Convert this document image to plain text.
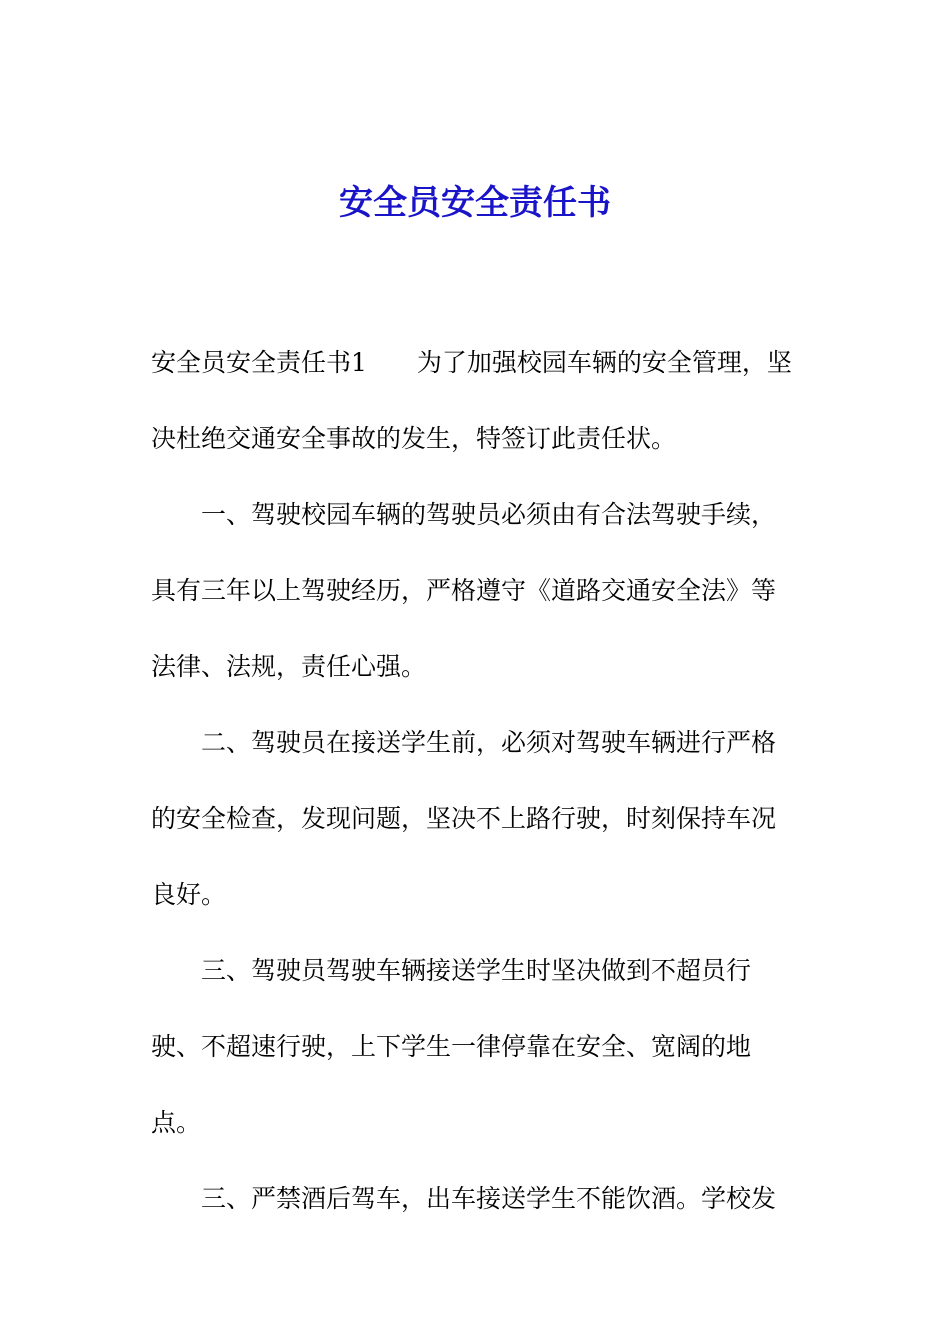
安全员安全责任书
安全员安全责任书1　　为了加强校园车辆的安全管理，坚
决杜绝交通安全事故的发生，特签订此责任状。
　　一、驾驶校园车辆的驾驶员必须由有合法驾驶手续，
具有三年以上驾驶经历，严格遵守《道路交通安全法》等
法律、法规，责任心强。
　　二、驾驶员在接送学生前，必须对驾驶车辆进行严格
的安全检查，发现问题，坚决不上路行驶，时刻保持车况
良好。
　　三、驾驶员驾驶车辆接送学生时坚决做到不超员行
驶、不超速行驶，上下学生一律停靠在安全、宽阔的地
点。
　　三、严禁酒后驾车，出车接送学生不能饮酒。学校发
